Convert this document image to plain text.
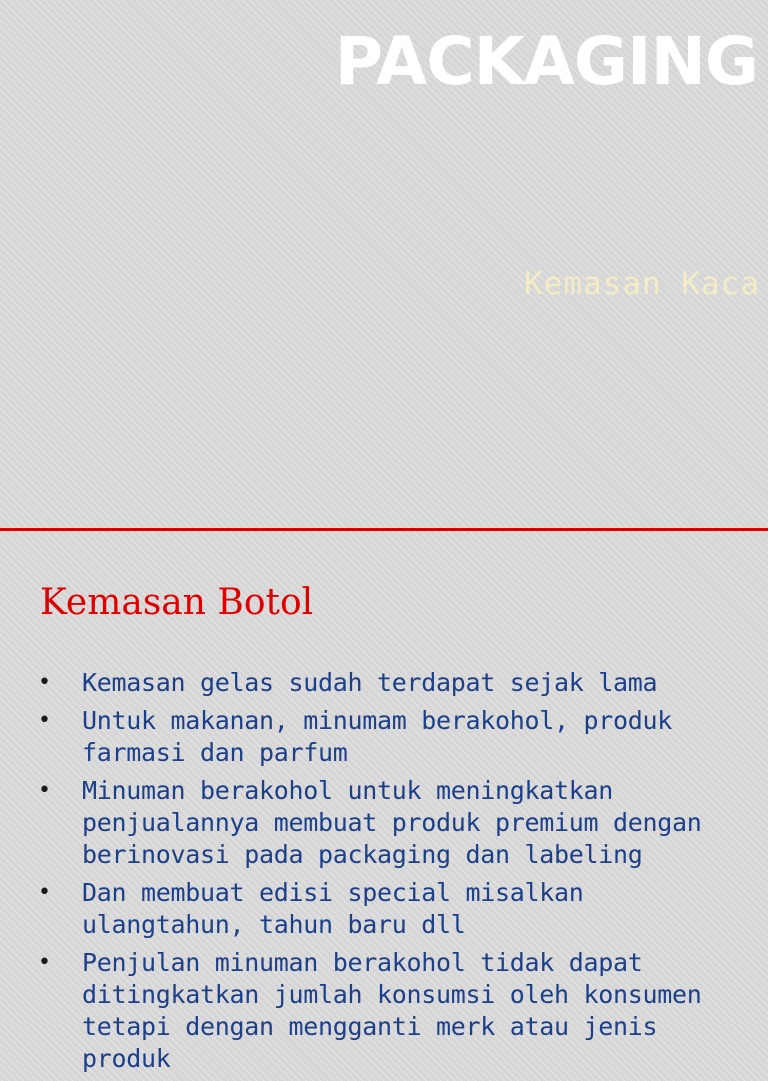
PACKAGING

Kemasan Kaca

Kemasan Botol
• Kemasan gelas sudah terdapat sejak lama
• Untuk makanan, minumam berakohol, produk farmasi dan parfum
• Minuman berakohol untuk meningkatkan penjualannya membuat produk premium dengan berinovasi pada packaging dan labeling
• Dan membuat edisi special misalkan ulangtahun, tahun baru dll
• Penjulan minuman berakohol tidak dapat ditingkatkan jumlah konsumsi oleh konsumen tetapi dengan mengganti merk atau jenis produk
